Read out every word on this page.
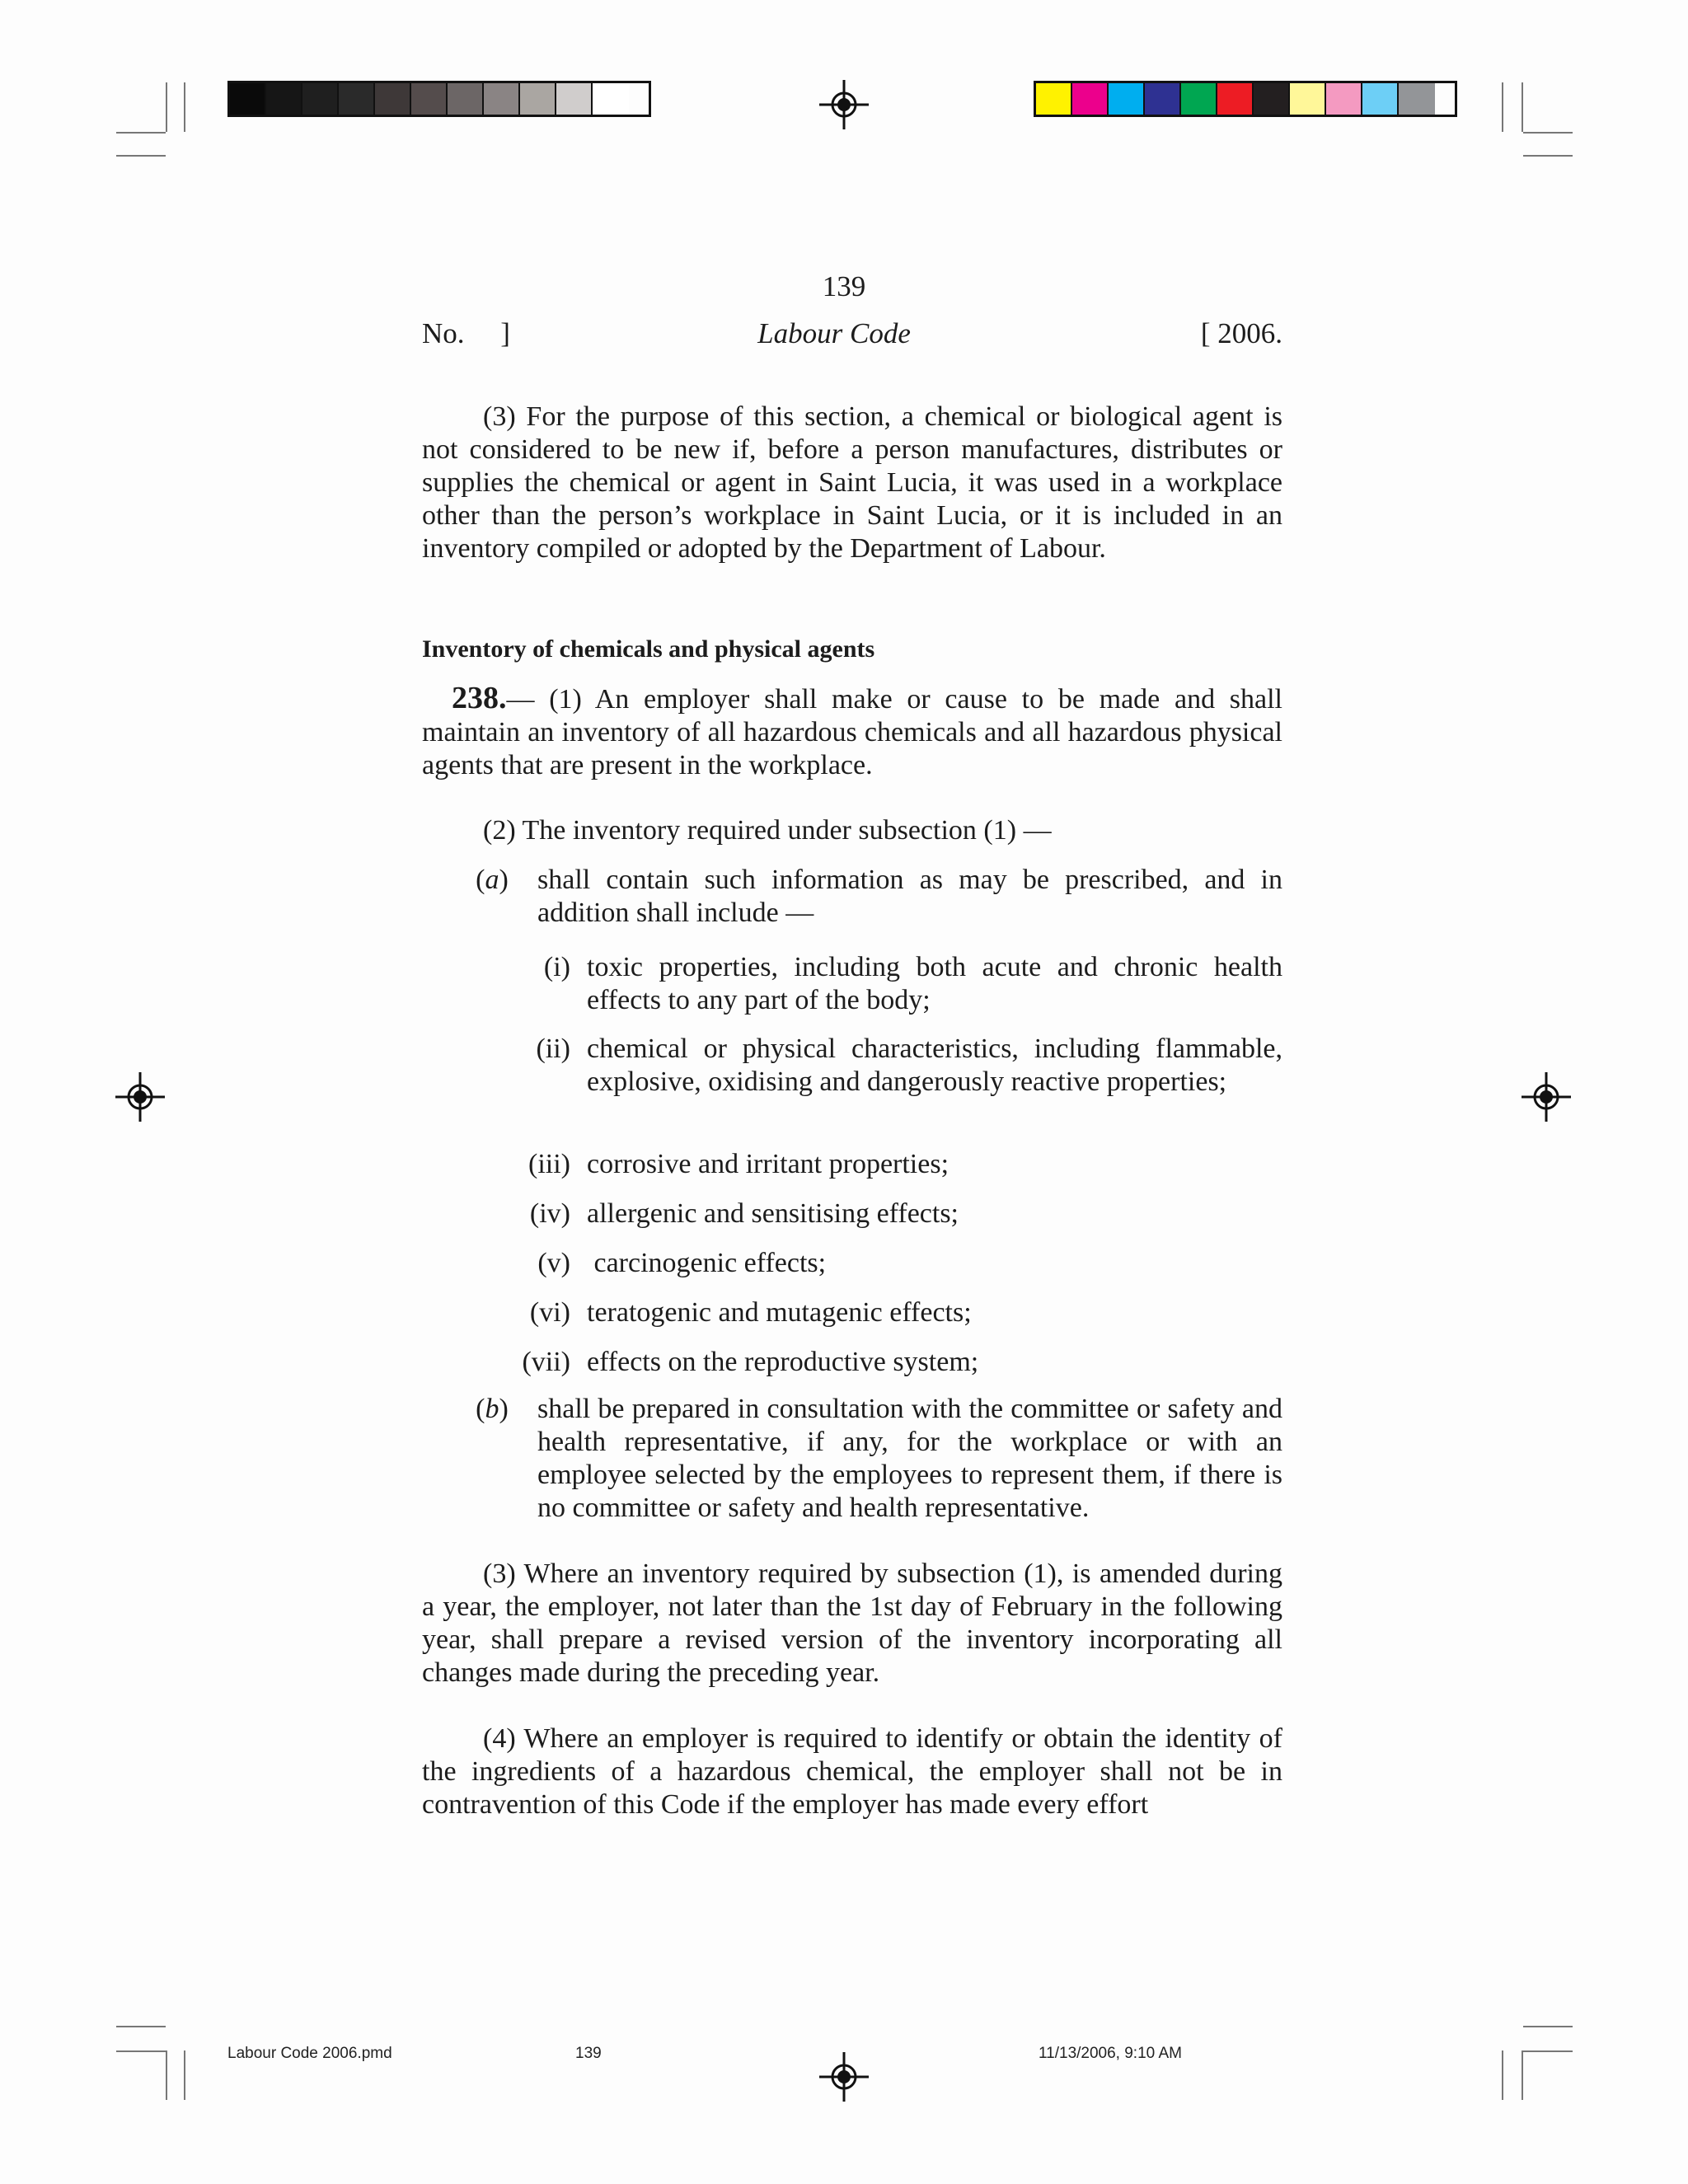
139
No.     ]	Labour Code	[ 2006.
(3) For the purpose of this section, a chemical or biological agent is not considered to be new if, before a person manufactures, distributes or supplies the chemical or agent in Saint Lucia, it was used in a workplace other than the person’s workplace in Saint Lucia, or it is included in an inventory compiled or adopted by the Department of Labour.
Inventory of chemicals and physical agents
238.— (1) An employer shall make or cause to be made and shall maintain an inventory of all hazardous chemicals and all hazardous physical agents that are present in the workplace.
(2) The inventory required under subsection (1) —
(a)	shall contain such information as may be prescribed, and in addition shall include —
(i) toxic properties, including both acute and chronic health effects to any part of the body;
(ii) chemical or physical characteristics, including flammable, explosive, oxidising and dangerously reactive properties;
(iii) corrosive and irritant properties;
(iv) allergenic and sensitising effects;
(v) carcinogenic effects;
(vi) teratogenic and mutagenic effects;
(vii) effects on the reproductive system;
(b)	shall be prepared in consultation with the committee or safety and health representative, if any, for the workplace or with an employee selected by the employees to represent them, if there is no committee or safety and health representative.
(3) Where an inventory required by subsection (1), is amended during a year, the employer, not later than the 1st day of February in the following year, shall prepare a revised version of the inventory incorporating all changes made during the preceding year.
(4) Where an employer is required to identify or obtain the identity of the ingredients of a hazardous chemical, the employer shall not be in contravention of this Code if the employer has made every effort
Labour Code 2006.pmd	139	11/13/2006, 9:10 AM
